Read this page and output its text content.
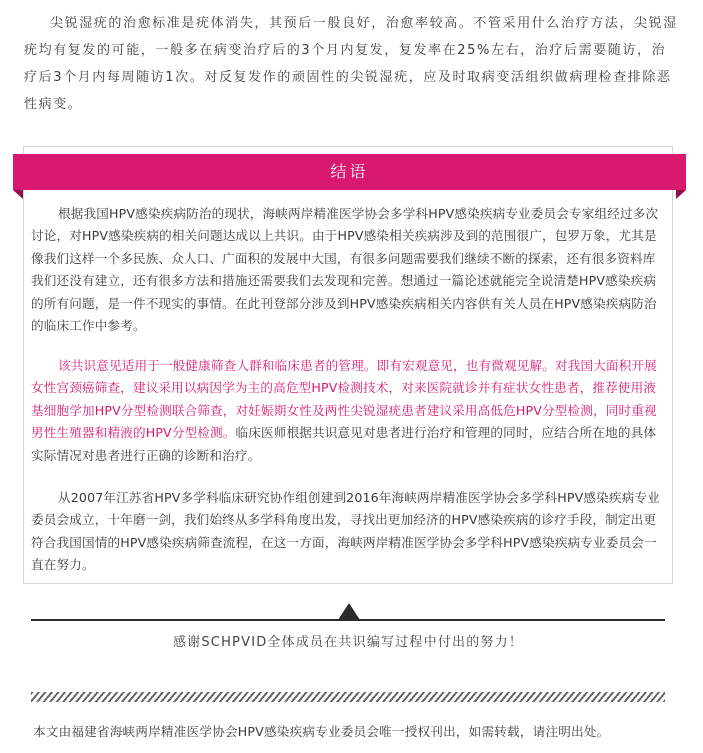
尖锐湿疣的治愈标准是疣体消失，其预后一般良好，治愈率较高。不管采用什么治疗方法，尖锐湿疣均有复发的可能，一般多在病变治疗后的3个月内复发，复发率在25%左右，治疗后需要随访，治疗后3个月内每周随访1次。对反复发作的顽固性的尖锐湿疣，应及时取病变活组织做病理检查排除恶性病变。

结语

根据我国HPV感染疾病防治的现状，海峡两岸精准医学协会多学科HPV感染疾病专业委员会专家组经过多次讨论，对HPV感染疾病的相关问题达成以上共识。由于HPV感染相关疾病涉及到的范围很广，包罗万象，尤其是像我们这样一个多民族、众人口、广面积的发展中大国，有很多问题需要我们继续不断的探索，还有很多资料库我们还没有建立，还有很多方法和措施还需要我们去发现和完善。想通过一篇论述就能完全说清楚HPV感染疾病的所有问题，是一件不现实的事情。在此刊登部分涉及到HPV感染疾病相关内容供有关人员在HPV感染疾病防治的临床工作中参考。

该共识意见适用于一般健康筛查人群和临床患者的管理。即有宏观意见，也有微观见解。对我国大面积开展女性宫颈癌筛查，建议采用以病因学为主的高危型HPV检测技术，对来医院就诊并有症状女性患者，推荐使用液基细胞学加HPV分型检测联合筛查，对妊娠期女性及两性尖锐湿疣患者建议采用高低危HPV分型检测，同时重视男性生殖器和精液的HPV分型检测。临床医师根据共识意见对患者进行治疗和管理的同时，应结合所在地的具体实际情况对患者进行正确的诊断和治疗。

从2007年江苏省HPV多学科临床研究协作组创建到2016年海峡两岸精准医学协会多学科HPV感染疾病专业委员会成立，十年磨一剑，我们始终从多学科角度出发，寻找出更加经济的HPV感染疾病的诊疗手段，制定出更符合我国国情的HPV感染疾病筛查流程，在这一方面，海峡两岸精准医学协会多学科HPV感染疾病专业委员会一直在努力。

感谢SCHPVID全体成员在共识编写过程中付出的努力！
本文由福建省海峡两岸精准医学协会HPV感染疾病专业委员会唯一授权刊出，如需转载，请注明出处。
